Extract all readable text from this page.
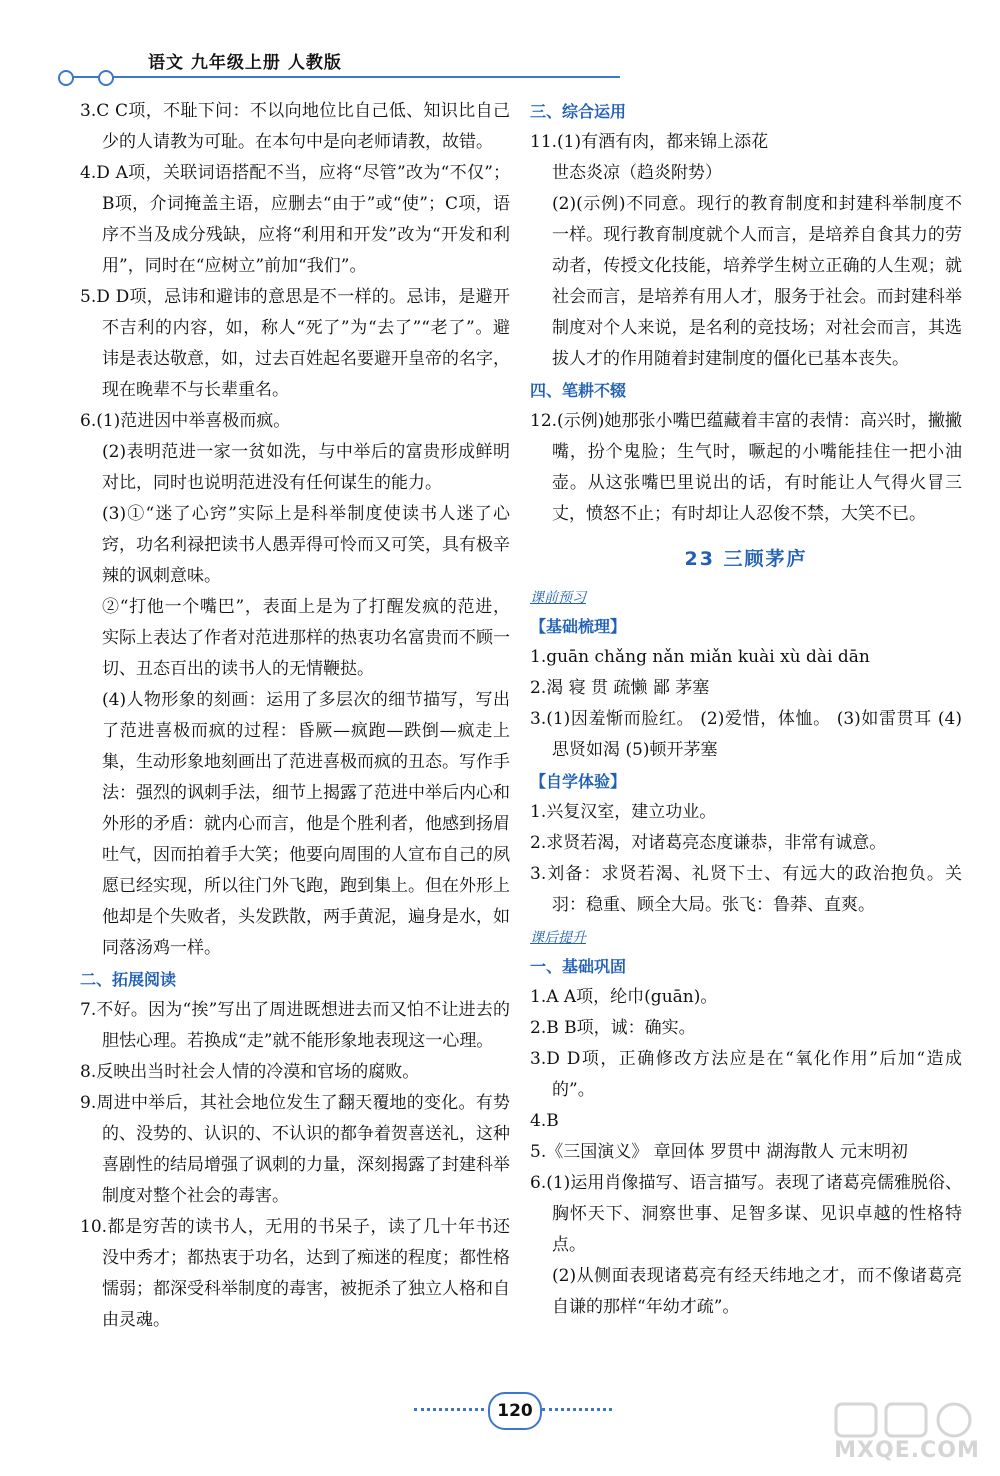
语文 九年级上册 人教版

3.C C项，不耻下问：不以向地位比自己低、知识比自己少的人请教为可耻。在本句中是向老师请教，故错。

4.D A项，关联词语搭配不当，应将“尽管”改为“不仅”；B项，介词掩盖主语，应删去“由于”或“使”；C项，语序不当及成分残缺，应将“利用和开发”改为“开发和利用”，同时在“应树立”前加“我们”。

5.D D项，忌讳和避讳的意思是不一样的。忌讳，是避开不吉利的内容，如，称人“死了”为“去了”“老了”。避讳是表达敬意，如，过去百姓起名要避开皇帝的名字，现在晚辈不与长辈重名。

6.(1)范进因中举喜极而疯。

(2)表明范进一家一贫如洗，与中举后的富贵形成鲜明对比，同时也说明范进没有任何谋生的能力。

(3)①“迷了心窍”实际上是科举制度使读书人迷了心窍，功名利禄把读书人愚弄得可怜而又可笑，具有极辛辣的讽刺意味。

②“打他一个嘴巴”，表面上是为了打醒发疯的范进，实际上表达了作者对范进那样的热衷功名富贵而不顾一切、丑态百出的读书人的无情鞭挞。

(4)人物形象的刻画：运用了多层次的细节描写，写出了范进喜极而疯的过程：昏厥—疯跑—跌倒—疯走上集，生动形象地刻画出了范进喜极而疯的丑态。写作手法：强烈的讽刺手法，细节上揭露了范进中举后内心和外形的矛盾：就内心而言，他是个胜利者，他感到扬眉吐气，因而拍着手大笑；他要向周围的人宣布自己的夙愿已经实现，所以往门外飞跑，跑到集上。但在外形上他却是个失败者，头发跌散，两手黄泥，遍身是水，如同落汤鸡一样。

二、拓展阅读

7.不好。因为“挨”写出了周进既想进去而又怕不让进去的胆怯心理。若换成“走”就不能形象地表现这一心理。

8.反映出当时社会人情的冷漠和官场的腐败。

9.周进中举后，其社会地位发生了翻天覆地的变化。有势的、没势的、认识的、不认识的都争着贺喜送礼，这种喜剧性的结局增强了讽刺的力量，深刻揭露了封建科举制度对整个社会的毒害。

10.都是穷苦的读书人，无用的书呆子，读了几十年书还没中秀才；都热衷于功名，达到了痴迷的程度；都性格懦弱；都深受科举制度的毒害，被扼杀了独立人格和自由灵魂。

三、综合运用

11.(1)有酒有肉，都来锦上添花

世态炎凉（趋炎附势）

(2)(示例)不同意。现行的教育制度和封建科举制度不一样。现行教育制度就个人而言，是培养自食其力的劳动者，传授文化技能，培养学生树立正确的人生观；就社会而言，是培养有用人才，服务于社会。而封建科举制度对个人来说，是名利的竞技场；对社会而言，其选拔人才的作用随着封建制度的僵化已基本丧失。

四、笔耕不辍

12.(示例)她那张小嘴巴蕴藏着丰富的表情：高兴时，撇撇嘴，扮个鬼脸；生气时，噘起的小嘴能挂住一把小油壶。从这张嘴巴里说出的话，有时能让人气得火冒三丈，愤怒不止；有时却让人忍俊不禁，大笑不已。

23 三顾茅庐

课前预习

【基础梳理】

1.guān chǎng nǎn miǎn kuài xù dài dān

2.渴 寝 贯 疏懒 鄙 茅塞

3.(1)因羞惭而脸红。 (2)爱惜，体恤。 (3)如雷贯耳 (4)思贤如渴 (5)顿开茅塞

【自学体验】

1.兴复汉室，建立功业。

2.求贤若渴，对诸葛亮态度谦恭，非常有诚意。

3.刘备：求贤若渴、礼贤下士、有远大的政治抱负。关羽：稳重、顾全大局。张飞：鲁莽、直爽。

课后提升

一、基础巩固

1.A A项，纶巾(guān)。

2.B B项，诚：确实。

3.D D项，正确修改方法应是在“氧化作用”后加“造成的”。

4.B

5.《三国演义》 章回体 罗贯中 湖海散人 元末明初

6.(1)运用肖像描写、语言描写。表现了诸葛亮儒雅脱俗、胸怀天下、洞察世事、足智多谋、见识卓越的性格特点。

(2)从侧面表现诸葛亮有经天纬地之才，而不像诸葛亮自谦的那样“年幼才疏”。

120
MXQE.COM
